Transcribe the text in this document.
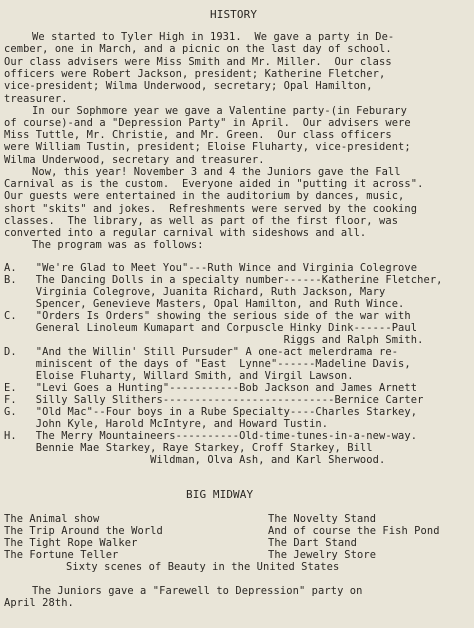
HISTORY
We started to Tyler High in 1931.  We gave a party in De-
cember, one in March, and a picnic on the last day of school.
Our class advisers were Miss Smith and Mr. Miller.  Our class
officers were Robert Jackson, president; Katherine Fletcher,
vice-president; Wilma Underwood, secretary; Opal Hamilton,
treasurer.
In our Sophmore year we gave a Valentine party-(in Feburary
of course)-and a "Depression Party" in April.  Our advisers were
Miss Tuttle, Mr. Christie, and Mr. Green.  Our class officers
were William Tustin, president; Eloise Fluharty, vice-president;
Wilma Underwood, secretary and treasurer.
Now, this year! November 3 and 4 the Juniors gave the Fall
Carnival as is the custom.  Everyone aided in "putting it across".
Our guests were entertained in the auditorium by dances, music,
short "skits" and jokes.  Refreshments were served by the cooking
classes.  The library, as well as part of the first floor, was
converted into a regular carnival with sideshows and all.
The program was as follows:
A.   "We're Glad to Meet You"---Ruth Wince and Virginia Colegrove
B.   The Dancing Dolls in a specialty number------Katherine Fletcher,
Virginia Colegrove, Juanita Richard, Ruth Jackson, Mary
Spencer, Genevieve Masters, Opal Hamilton, and Ruth Wince.
C.   "Orders Is Orders" showing the serious side of the war with
General Linoleum Kumapart and Corpuscle Hinky Dink------Paul
Riggs and Ralph Smith.
D.   "And the Willin' Still Pursuder" A one-act melerdrama re-
miniscent of the days of "East  Lynne"------Madeline Davis,
Eloise Fluharty, Willard Smith, and Virgil Lawson.
E.   "Levi Goes a Hunting"-----------Bob Jackson and James Arnett
F.   Silly Sally Slithers---------------------------Bernice Carter
G.   "Old Mac"--Four boys in a Rube Specialty----Charles Starkey,
John Kyle, Harold McIntyre, and Howard Tustin.
H.   The Merry Mountaineers----------Old-time-tunes-in-a-new-way.
Bennie Mae Starkey, Raye Starkey, Croff Starkey, Bill
Wildman, Olva Ash, and Karl Sherwood.
BIG MIDWAY
The Animal show
The Trip Around the World
The Tight Rope Walker
The Fortune Teller
The Novelty Stand
And of course the Fish Pond
The Dart Stand
The Jewelry Store
Sixty scenes of Beauty in the United States
The Juniors gave a "Farewell to Depression" party on
April 28th.
